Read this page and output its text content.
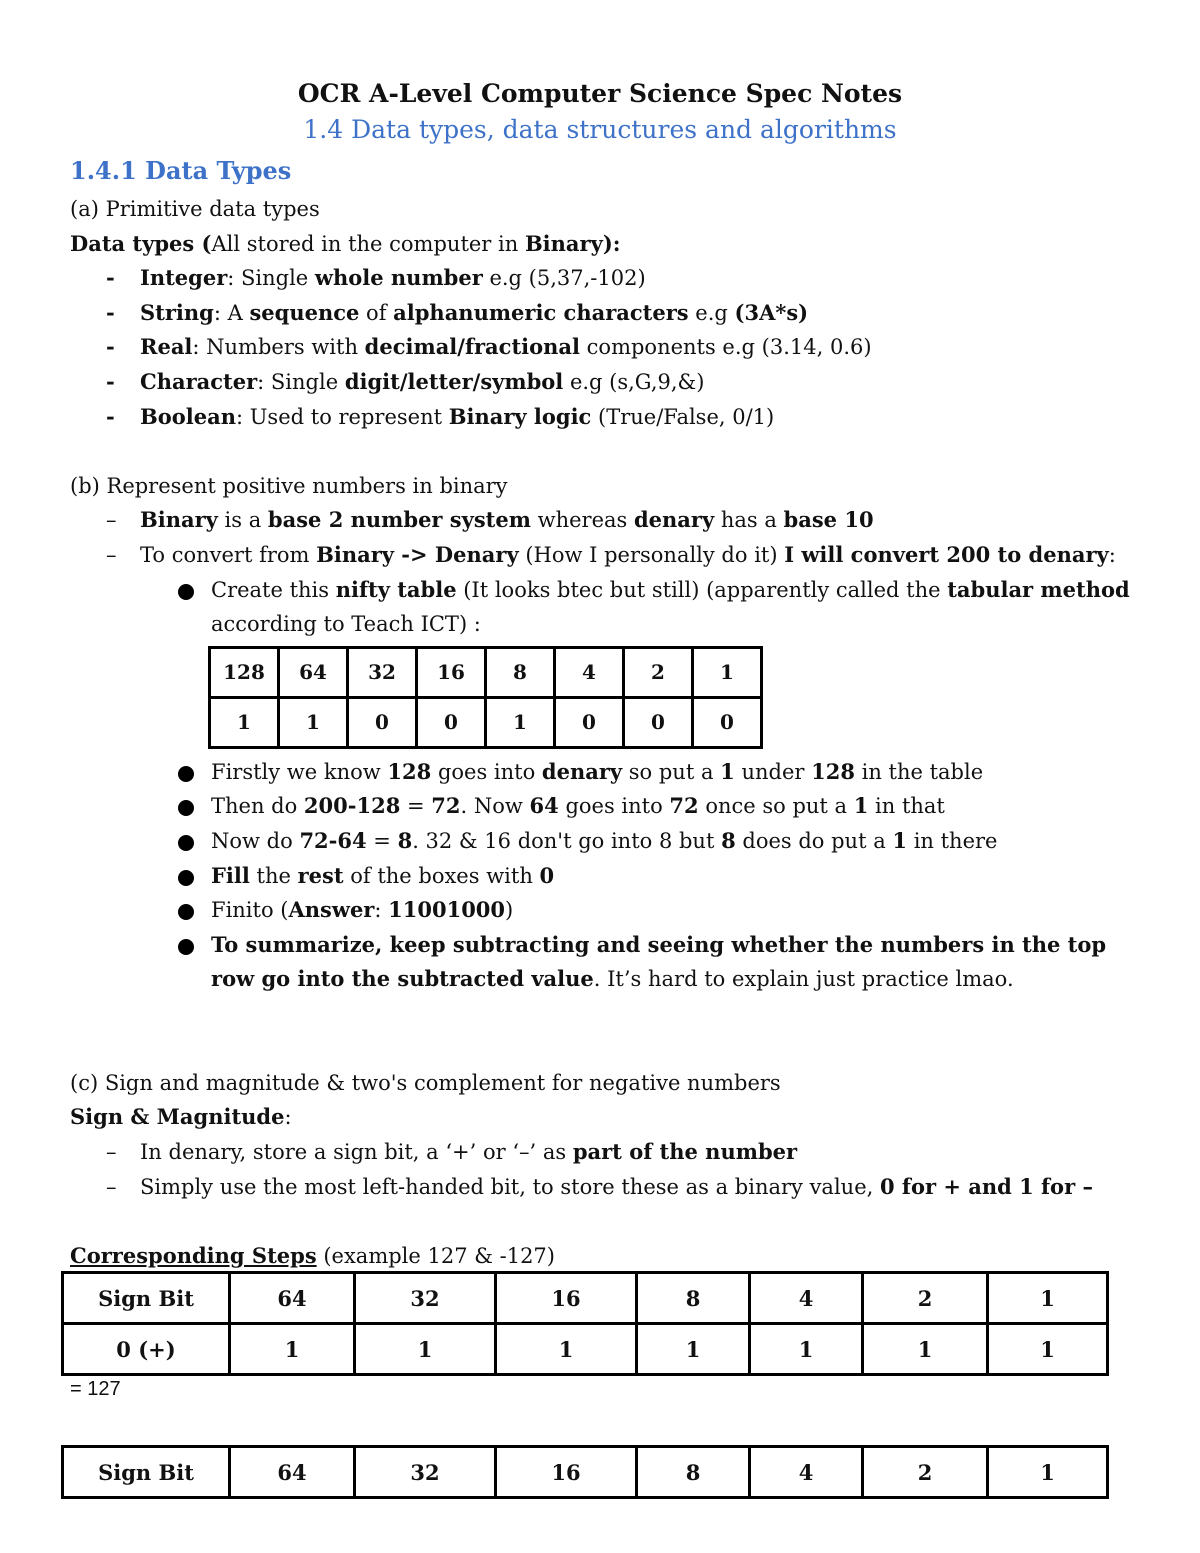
OCR A-Level Computer Science Spec Notes
1.4 Data types, data structures and algorithms
1.4.1 Data Types
(a) Primitive data types
Data types (All stored in the computer in Binary):
- Integer: Single whole number e.g (5,37,-102)
- String: A sequence of alphanumeric characters e.g (3A*s)
- Real: Numbers with decimal/fractional components e.g (3.14, 0.6)
- Character: Single digit/letter/symbol e.g (s,G,9,&)
- Boolean: Used to represent Binary logic (True/False, 0/1)
(b) Represent positive numbers in binary
– Binary is a base 2 number system whereas denary has a base 10
– To convert from Binary -> Denary (How I personally do it) I will convert 200 to denary:
Create this nifty table (It looks btec but still) (apparently called the tabular method according to Teach ICT) :
128	64	32	16	8	4	2	1
1	1	0	0	1	0	0	0
Firstly we know 128 goes into denary so put a 1 under 128 in the table
Then do 200-128 = 72. Now 64 goes into 72 once so put a 1 in that
Now do 72-64 = 8. 32 & 16 don't go into 8 but 8 does do put a 1 in there
Fill the rest of the boxes with 0
Finito (Answer: 11001000)
To summarize, keep subtracting and seeing whether the numbers in the top row go into the subtracted value. It’s hard to explain just practice lmao.
(c) Sign and magnitude & two's complement for negative numbers
Sign & Magnitude:
– In denary, store a sign bit, a ‘+’ or ‘–’ as part of the number
– Simply use the most left-handed bit, to store these as a binary value, 0 for + and 1 for –
Corresponding Steps (example 127 & -127)
Sign Bit	64	32	16	8	4	2	1
0 (+)	1	1	1	1	1	1	1
= 127
Sign Bit	64	32	16	8	4	2	1
